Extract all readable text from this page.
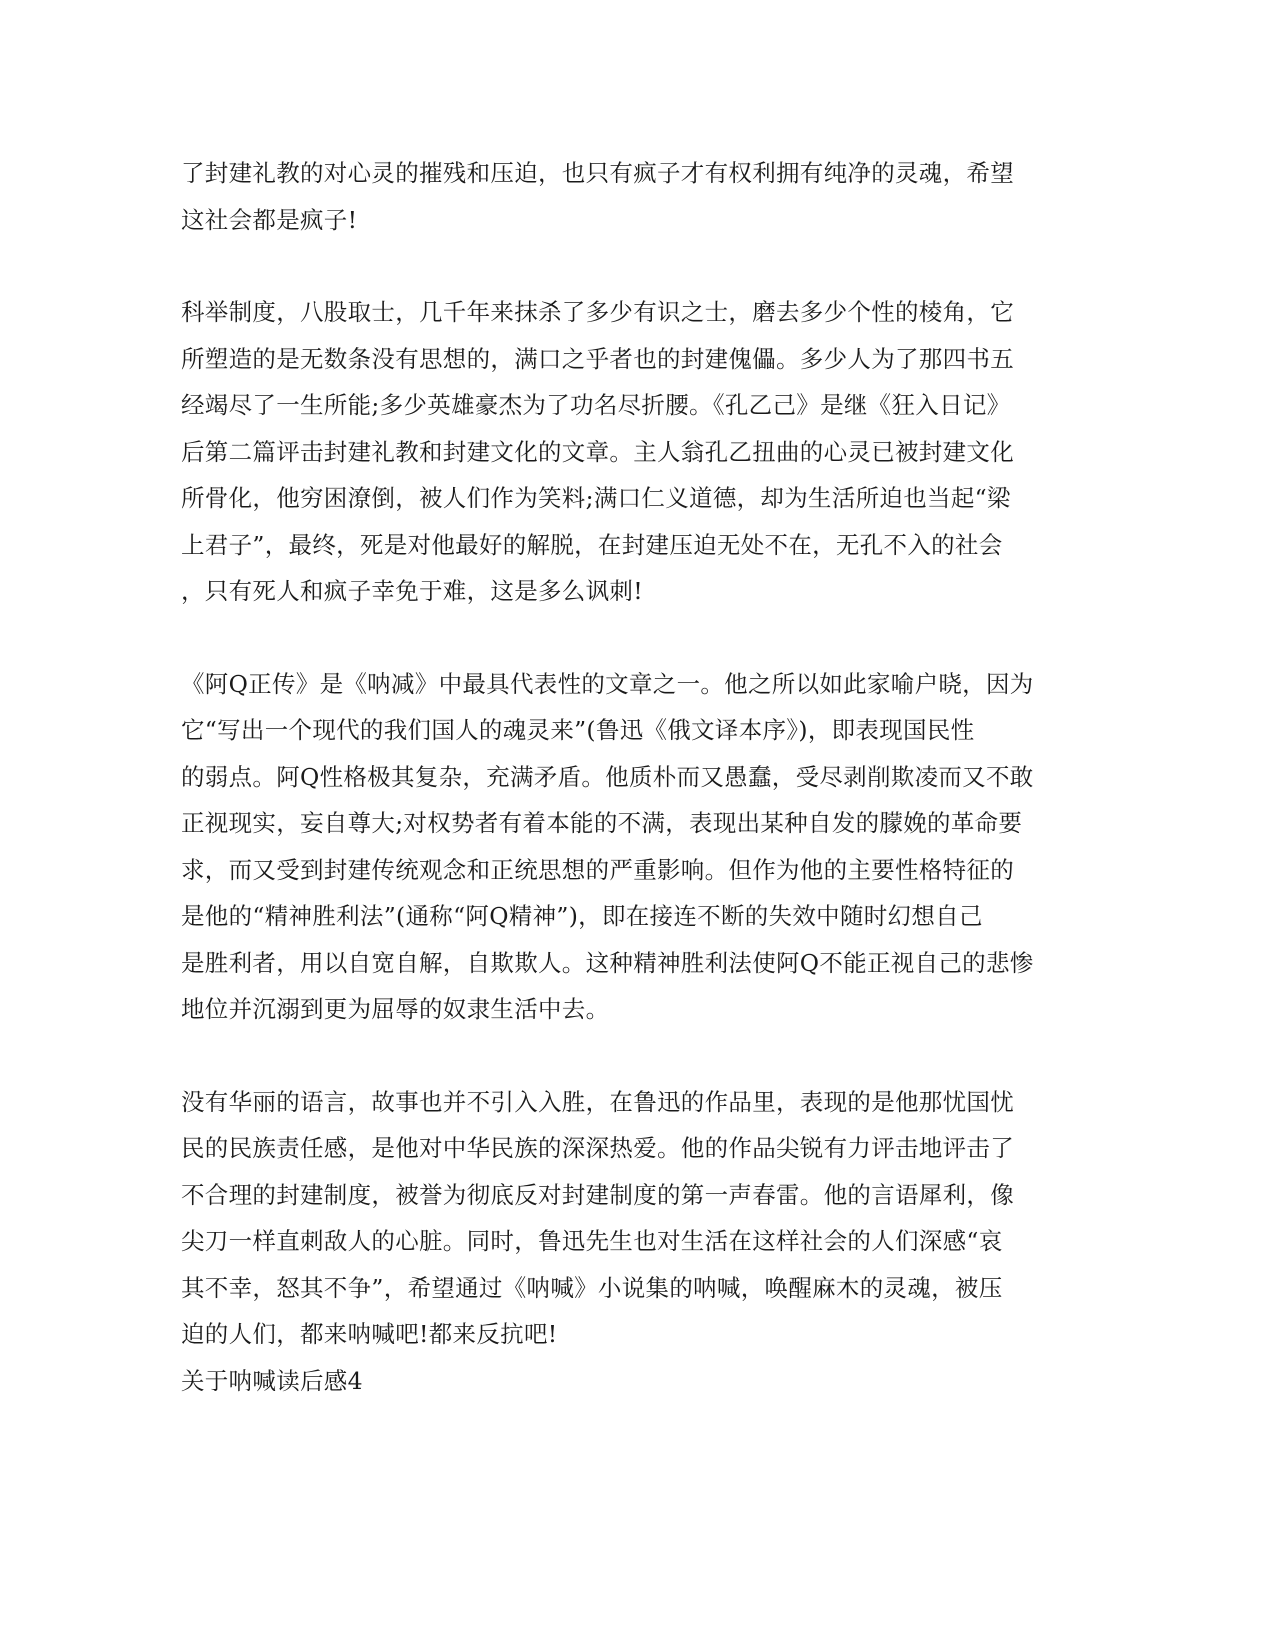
了封建礼教的对心灵的摧残和压迫，也只有疯子才有权利拥有纯净的灵魂，希望
这社会都是疯子!

科举制度，八股取士，几千年来抹杀了多少有识之士，磨去多少个性的棱角，它
所塑造的是无数条没有思想的，满口之乎者也的封建傀儡。多少人为了那四书五
经竭尽了一生所能;多少英雄豪杰为了功名尽折腰。《孔乙己》是继《狂入日记》
后第二篇评击封建礼教和封建文化的文章。主人翁孔乙扭曲的心灵已被封建文化
所骨化，他穷困潦倒，被人们作为笑料;满口仁义道德，却为生活所迫也当起“梁
上君子”，最终，死是对他最好的解脱，在封建压迫无处不在，无孔不入的社会
，只有死人和疯子幸免于难，这是多么讽刺!

《阿Q正传》是《呐减》中最具代表性的文章之一。他之所以如此家喻户晓，因为
它“写出一个现代的我们国人的魂灵来”(鲁迅《俄文译本序》)，即表现国民性
的弱点。阿Q性格极其复杂，充满矛盾。他质朴而又愚蠢，受尽剥削欺凌而又不敢
正视现实，妄自尊大;对权势者有着本能的不满，表现出某种自发的朦娩的革命要
求，而又受到封建传统观念和正统思想的严重影响。但作为他的主要性格特征的
是他的“精神胜利法”(通称“阿Q精神”)，即在接连不断的失效中随时幻想自己
是胜利者，用以自宽自解，自欺欺人。这种精神胜利法使阿Q不能正视自己的悲惨
地位并沉溺到更为屈辱的奴隶生活中去。

没有华丽的语言，故事也并不引入入胜，在鲁迅的作品里，表现的是他那忧国忧
民的民族责任感，是他对中华民族的深深热爱。他的作品尖锐有力评击地评击了
不合理的封建制度，被誉为彻底反对封建制度的第一声春雷。他的言语犀利，像
尖刀一样直刺敌人的心脏。同时，鲁迅先生也对生活在这样社会的人们深感“哀
其不幸，怒其不争”，希望通过《呐喊》小说集的呐喊，唤醒麻木的灵魂，被压
迫的人们，都来呐喊吧!都来反抗吧!

关于呐喊读后感4
